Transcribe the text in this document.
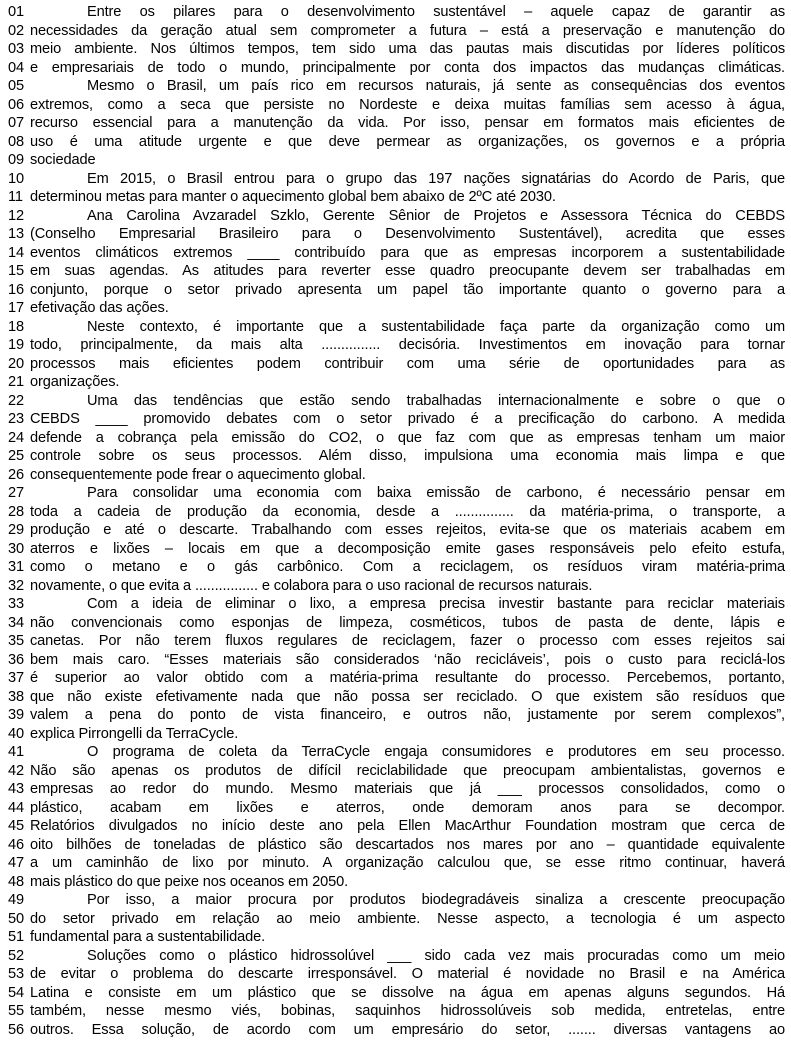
01	Entre os pilares para o desenvolvimento sustentável – aquele capaz de garantir as
02 necessidades da geração atual sem comprometer a futura – está a preservação e manutenção do
03 meio ambiente. Nos últimos tempos, tem sido uma das pautas mais discutidas por líderes políticos
04 e empresariais de todo o mundo, principalmente por conta dos impactos das mudanças climáticas.
05	Mesmo o Brasil, um país rico em recursos naturais, já sente as consequências dos eventos
06 extremos, como a seca que persiste no Nordeste e deixa muitas famílias sem acesso à água,
07 recurso essencial para a manutenção da vida. Por isso, pensar em formatos mais eficientes de
08 uso é uma atitude urgente e que deve permear as organizações, os governos e a própria
09 sociedade
10	Em 2015, o Brasil entrou para o grupo das 197 nações signatárias do Acordo de Paris, que
11 determinou metas para manter o aquecimento global bem abaixo de 2ºC até 2030.
12	Ana Carolina Avzaradel Szklo, Gerente Sênior de Projetos e Assessora Técnica do CEBDS
13 (Conselho Empresarial Brasileiro para o Desenvolvimento Sustentável), acredita que esses
14 eventos climáticos extremos ____ contribuído para que as empresas incorporem a sustentabilidade
15 em suas agendas. As atitudes para reverter esse quadro preocupante devem ser trabalhadas em
16 conjunto, porque o setor privado apresenta um papel tão importante quanto o governo para a
17 efetivação das ações.
18	Neste contexto, é importante que a sustentabilidade faça parte da organização como um
19 todo, principalmente, da mais alta ............... decisória. Investimentos em inovação para tornar
20 processos mais eficientes podem contribuir com uma série de oportunidades para as
21 organizações.
22	Uma das tendências que estão sendo trabalhadas internacionalmente e sobre o que o
23 CEBDS ____ promovido debates com o setor privado é a precificação do carbono. A medida
24 defende a cobrança pela emissão do CO2, o que faz com que as empresas tenham um maior
25 controle sobre os seus processos. Além disso, impulsiona uma economia mais limpa e que
26 consequentemente pode frear o aquecimento global.
27	Para consolidar uma economia com baixa emissão de carbono, é necessário pensar em
28 toda a cadeia de produção da economia, desde a ............... da matéria-prima, o transporte, a
29 produção e até o descarte. Trabalhando com esses rejeitos, evita-se que os materiais acabem em
30 aterros e lixões – locais em que a decomposição emite gases responsáveis pelo efeito estufa,
31 como o metano e o gás carbônico. Com a reciclagem, os resíduos viram matéria-prima
32 novamente, o que evita a ................ e colabora para o uso racional de recursos naturais.
33	Com a ideia de eliminar o lixo, a empresa precisa investir bastante para reciclar materiais
34 não convencionais como esponjas de limpeza, cosméticos, tubos de pasta de dente, lápis e
35 canetas. Por não terem fluxos regulares de reciclagem, fazer o processo com esses rejeitos sai
36 bem mais caro. “Esses materiais são considerados ‘não recicláveis’, pois o custo para reciclá-los
37 é superior ao valor obtido com a matéria-prima resultante do processo. Percebemos, portanto,
38 que não existe efetivamente nada que não possa ser reciclado. O que existem são resíduos que
39 valem a pena do ponto de vista financeiro, e outros não, justamente por serem complexos”,
40 explica Pirrongelli da TerraCycle.
41	O programa de coleta da TerraCycle engaja consumidores e produtores em seu processo.
42 Não são apenas os produtos de difícil reciclabilidade que preocupam ambientalistas, governos e
43 empresas ao redor do mundo. Mesmo materiais que já ___ processos consolidados, como o
44 plástico, acabam em lixões e aterros, onde demoram anos para se decompor.
45 Relatórios divulgados no início deste ano pela Ellen MacArthur Foundation mostram que cerca de
46 oito bilhões de toneladas de plástico são descartados nos mares por ano – quantidade equivalente
47 a um caminhão de lixo por minuto. A organização calculou que, se esse ritmo continuar, haverá
48 mais plástico do que peixe nos oceanos em 2050.
49	Por isso, a maior procura por produtos biodegradáveis sinaliza a crescente preocupação
50 do setor privado em relação ao meio ambiente. Nesse aspecto, a tecnologia é um aspecto
51 fundamental para a sustentabilidade.
52	Soluções como o plástico hidrossolúvel ___ sido cada vez mais procuradas como um meio
53 de evitar o problema do descarte irresponsável. O material é novidade no Brasil e na América
54 Latina e consiste em um plástico que se dissolve na água em apenas alguns segundos. Há
55 também, nesse mesmo viés, bobinas, saquinhos hidrossolúveis sob medida, entretelas, entre
56 outros. Essa solução, de acordo com um empresário do setor, ....... diversas vantagens ao
